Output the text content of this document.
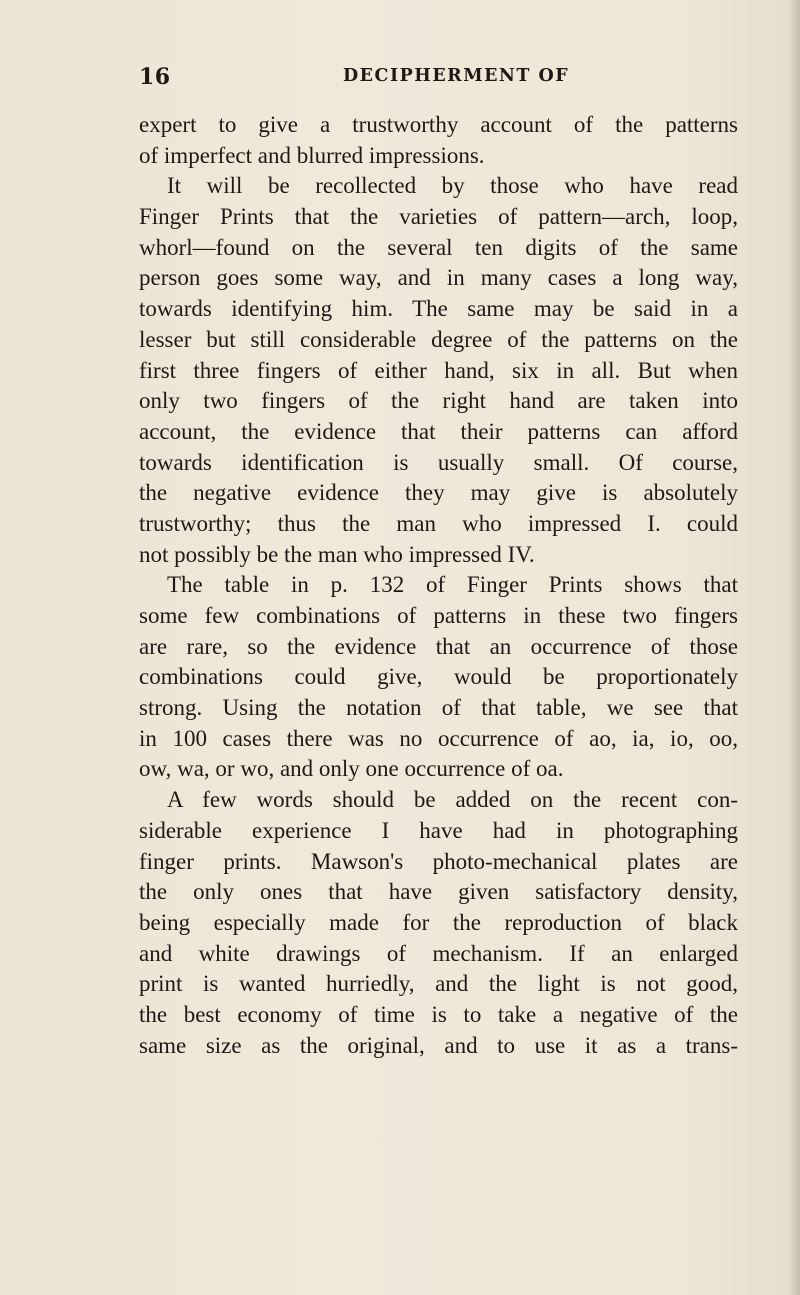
16	DECIPHERMENT OF
expert to give a trustworthy account of the patterns
of imperfect and blurred impressions.
It will be recollected by those who have read
Finger Prints that the varieties of pattern—arch, loop,
whorl—found on the several ten digits of the same
person goes some way, and in many cases a long way,
towards identifying him. The same may be said in a
lesser but still considerable degree of the patterns on the
first three fingers of either hand, six in all. But when
only two fingers of the right hand are taken into
account, the evidence that their patterns can afford
towards identification is usually small. Of course,
the negative evidence they may give is absolutely
trustworthy; thus the man who impressed I. could
not possibly be the man who impressed IV.
The table in p. 132 of Finger Prints shows that
some few combinations of patterns in these two fingers
are rare, so the evidence that an occurrence of those
combinations could give, would be proportionately
strong. Using the notation of that table, we see that
in 100 cases there was no occurrence of ao, ia, io, oo,
ow, wa, or wo, and only one occurrence of oa.
A few words should be added on the recent con-
siderable experience I have had in photographing
finger prints. Mawson's photo-mechanical plates are
the only ones that have given satisfactory density,
being especially made for the reproduction of black
and white drawings of mechanism. If an enlarged
print is wanted hurriedly, and the light is not good,
the best economy of time is to take a negative of the
same size as the original, and to use it as a trans-
